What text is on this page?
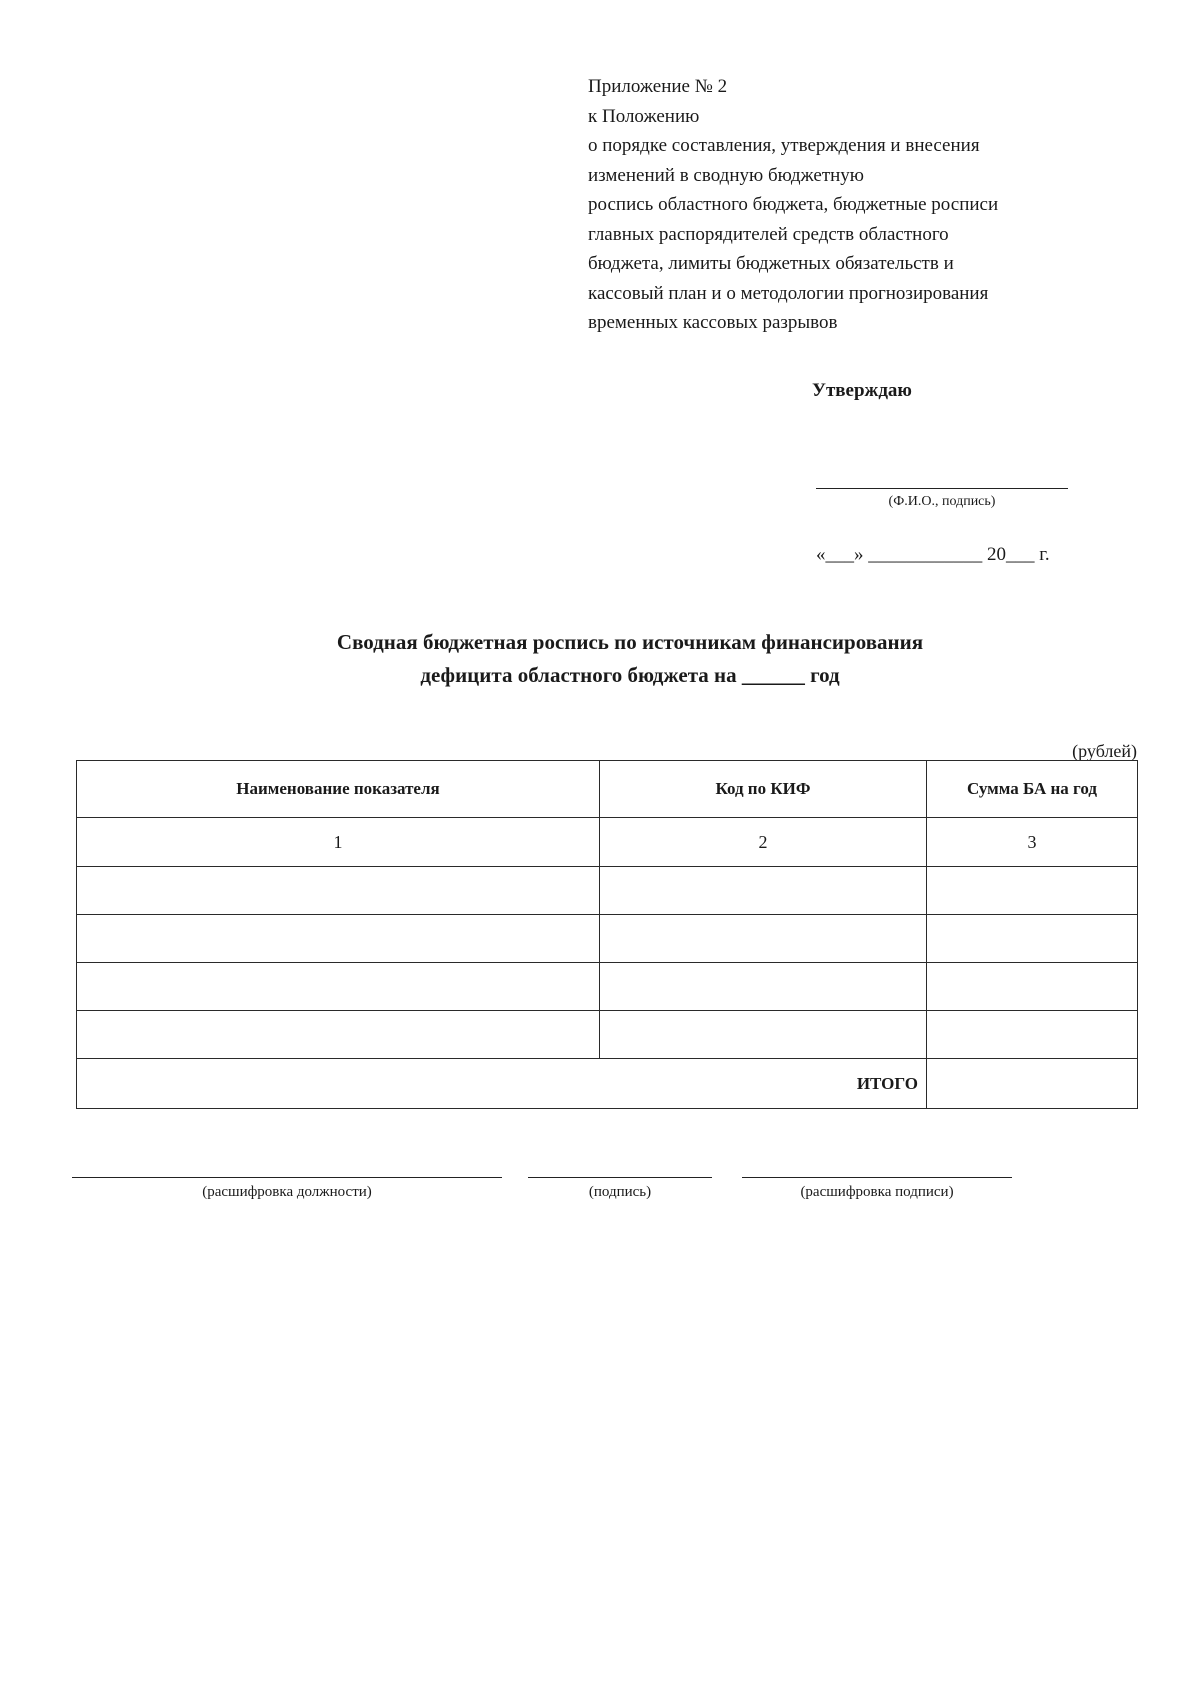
Приложение № 2
к Положению
о порядке составления, утверждения и внесения
изменений в сводную бюджетную
роспись областного бюджета, бюджетные росписи
главных распорядителей средств областного
бюджета, лимиты бюджетных обязательств и
кассовый план и о методологии прогнозирования
временных кассовых разрывов
Утверждаю
(Ф.И.О., подпись)
«___» ____________ 20___ г.
Сводная бюджетная роспись по источникам финансирования
дефицита областного бюджета на ______ год
(рублей)
Наименование показателя	Код по КИФ	Сумма БА на год
1	2	3

ИТОГО		
(расшифровка должности)	(подпись)	(расшифровка подписи)
